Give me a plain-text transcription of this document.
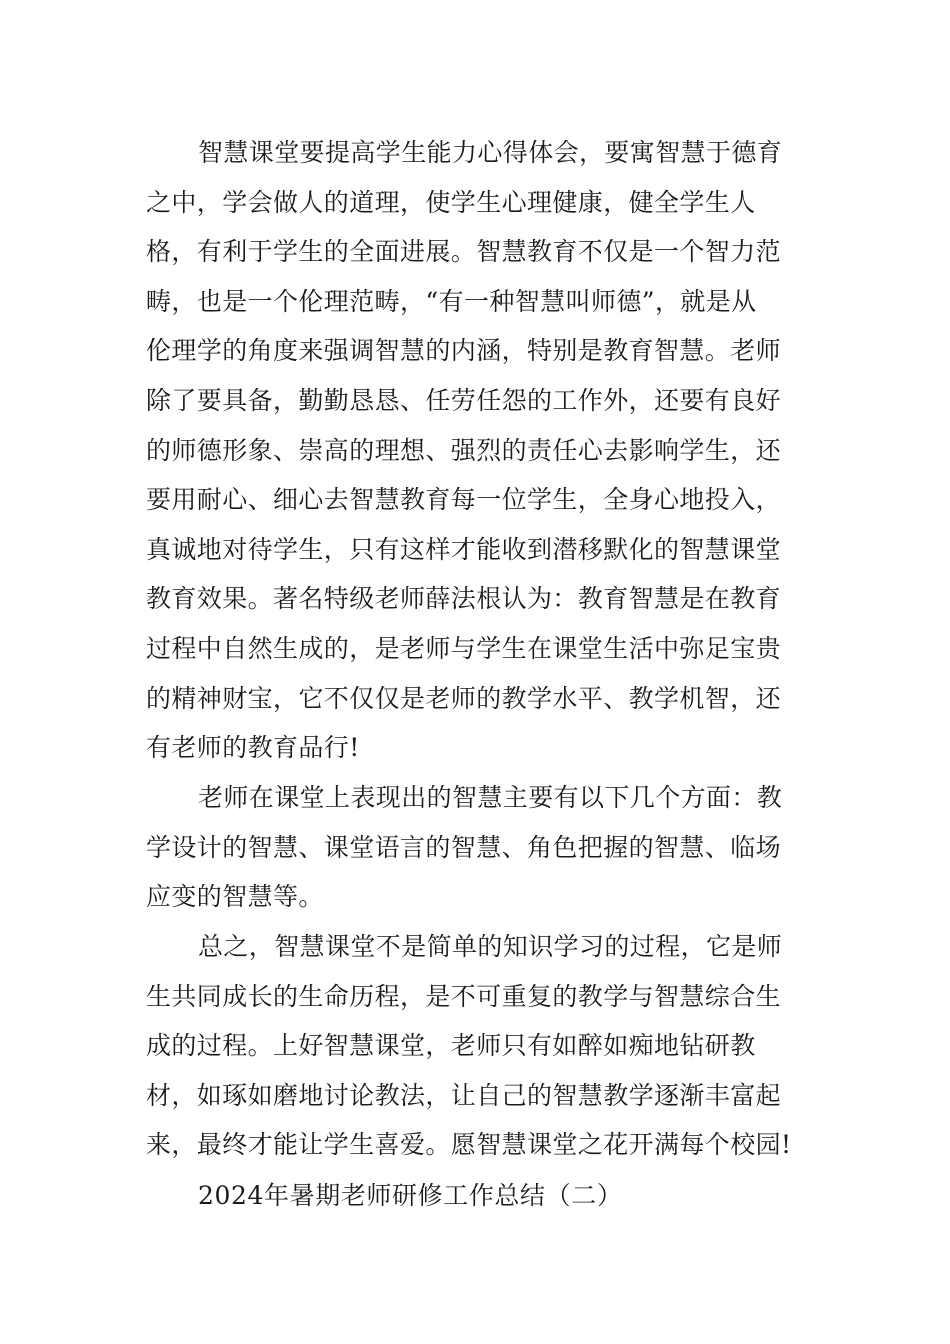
智慧课堂要提高学生能力心得体会，要寓智慧于德育
之中，学会做人的道理，使学生心理健康，健全学生人
格，有利于学生的全面进展。智慧教育不仅是一个智力范
畴，也是一个伦理范畴，“有一种智慧叫师德”，就是从
伦理学的角度来强调智慧的内涵，特别是教育智慧。老师
除了要具备，勤勤恳恳、任劳任怨的工作外，还要有良好
的师德形象、崇高的理想、强烈的责任心去影响学生，还
要用耐心、细心去智慧教育每一位学生，全身心地投入，
真诚地对待学生，只有这样才能收到潜移默化的智慧课堂
教育效果。著名特级老师薛法根认为：教育智慧是在教育
过程中自然生成的，是老师与学生在课堂生活中弥足宝贵
的精神财宝，它不仅仅是老师的教学水平、教学机智，还
有老师的教育品行!
老师在课堂上表现出的智慧主要有以下几个方面：教
学设计的智慧、课堂语言的智慧、角色把握的智慧、临场
应变的智慧等。
总之，智慧课堂不是简单的知识学习的过程，它是师
生共同成长的生命历程，是不可重复的教学与智慧综合生
成的过程。上好智慧课堂，老师只有如醉如痴地钻研教
材，如琢如磨地讨论教法，让自己的智慧教学逐渐丰富起
来，最终才能让学生喜爱。愿智慧课堂之花开满每个校园!
2024年暑期老师研修工作总结（二）
